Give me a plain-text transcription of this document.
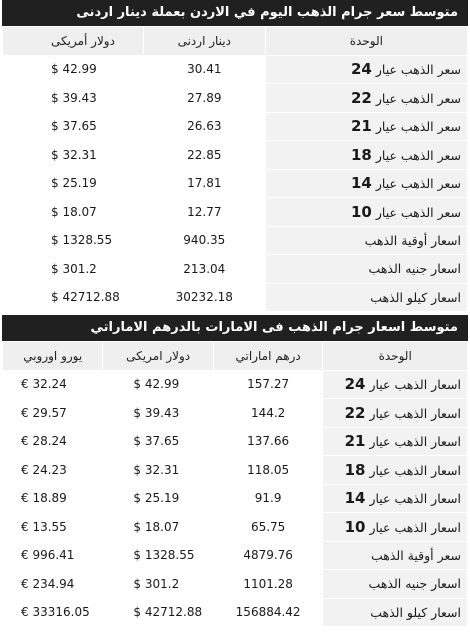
متوسط سعر جرام الذهب اليوم في الاردن بعملة دينار اردنى
دولار أمريكى	دينار اردنى	الوحدة
$ 42.99	30.41	سعر الذهب عيار 24
$ 39.43	27.89	سعر الذهب عيار 22
$ 37.65	26.63	سعر الذهب عيار 21
$ 32.31	22.85	سعر الذهب عيار 18
$ 25.19	17.81	سعر الذهب عيار 14
$ 18.07	12.77	سعر الذهب عيار 10
$ 1328.55	940.35	اسعار أوقية الذهب
$ 301.2	213.04	اسعار جنيه الذهب
$ 42712.88	30232.18	اسعار كيلو الذهب
متوسط اسعار جرام الذهب فى الامارات بالدرهم الاماراتي
يورو اوروبي	دولار امريكى	درهم اماراتي	الوحدة
€ 32.24	$ 42.99	157.27	اسعار الذهب عيار 24
€ 29.57	$ 39.43	144.2	اسعار الذهب عيار 22
€ 28.24	$ 37.65	137.66	اسعار الذهب عيار 21
€ 24.23	$ 32.31	118.05	اسعار الذهب عيار 18
€ 18.89	$ 25.19	91.9	اسعار الذهب عيار 14
€ 13.55	$ 18.07	65.75	اسعار الذهب عيار 10
€ 996.41	$ 1328.55	4879.76	سعر أوقية الذهب
€ 234.94	$ 301.2	1101.28	اسعار جنيه الذهب
€ 33316.05	$ 42712.88	156884.42	اسعار كيلو الذهب
